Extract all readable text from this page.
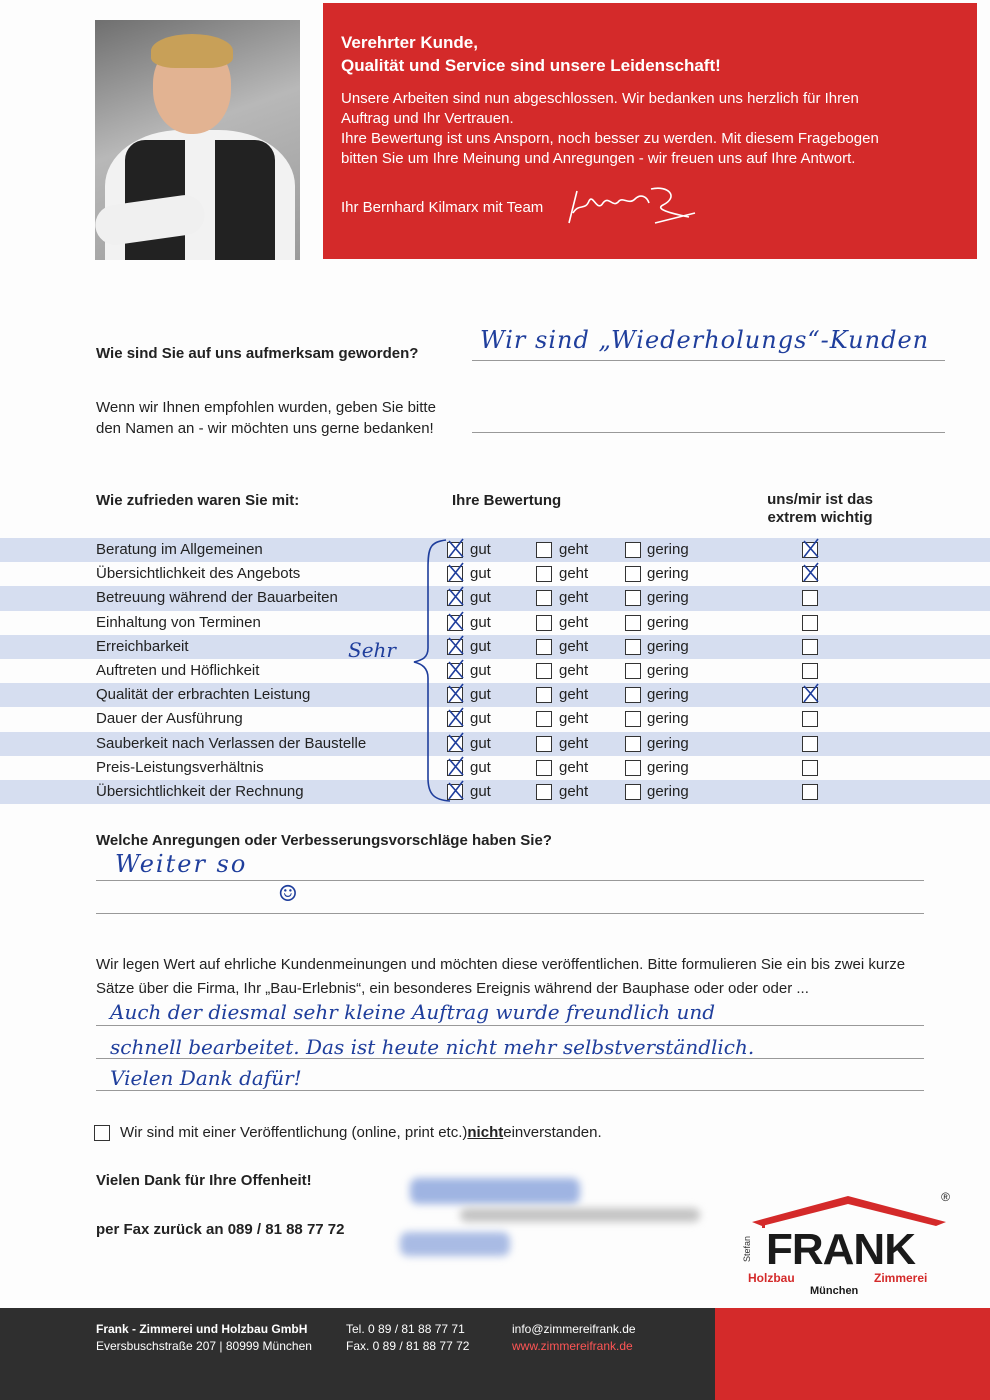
Verehrter Kunde,
Qualität und Service sind unsere Leidenschaft!

Unsere Arbeiten sind nun abgeschlossen. Wir bedanken uns herzlich für Ihren

Auftrag und Ihr Vertrauen.

Ihre Bewertung ist uns Ansporn, noch besser zu werden. Mit diesem Fragebogen

bitten Sie um Ihre Meinung und Anregungen - wir freuen uns auf Ihre Antwort.

Ihr Bernhard Kilmarx mit Team
Wie sind Sie auf uns aufmerksam geworden?	Wir sind „Wiederholungs“-Kunden
Wenn wir Ihnen empfohlen wurden, geben Sie bitte
den Namen an - wir möchten uns gerne bedanken!
Wie zufrieden waren Sie mit:	Ihre Bewertung	uns/mir ist das
extrem wichtig
Beratung im Allgemeinen	gut	geht	gering
Übersichtlichkeit des Angebots	gut	geht	gering
Betreuung während der Bauarbeiten	gut	geht	gering
Einhaltung von Terminen	gut	geht	gering
Erreichbarkeit	gut	geht	gering
Auftreten und Höflichkeit	gut	geht	gering
Qualität der erbrachten Leistung	gut	geht	gering
Dauer der Ausführung	gut	geht	gering
Sauberkeit nach Verlassen der Baustelle	gut	geht	gering
Preis-Leistungsverhältnis	gut	geht	gering
Übersichtlichkeit der Rechnung	gut	geht	gering
Sehr
Welche Anregungen oder Verbesserungsvorschläge haben Sie?
Weiter so
☺
Wir legen Wert auf ehrliche Kundenmeinungen und möchten diese veröffentlichen. Bitte formulieren Sie ein bis zwei kurze Sätze über die Firma, Ihr „Bau-Erlebnis“, ein besonderes Ereignis während der Bauphase oder oder oder ...
Auch der diesmal sehr kleine Auftrag wurde freundlich und
schnell bearbeitet. Das ist heute nicht mehr selbstverständlich.
Vielen Dank dafür!
Wir sind mit einer Veröffentlichung (online, print etc.) nicht einverstanden.
Vielen Dank für Ihre Offenheit!
per Fax zurück an 089 / 81 88 77 72	FRANK
Stefan
Holzbau	Zimmerei
München
®
Frank - Zimmerei und Holzbau GmbH
Eversbuschstraße 207 | 80999 München
Tel. 0 89 / 81 88 77 71
Fax. 0 89 / 81 88 77 72
info@zimmereifrank.de
www.zimmereifrank.de
